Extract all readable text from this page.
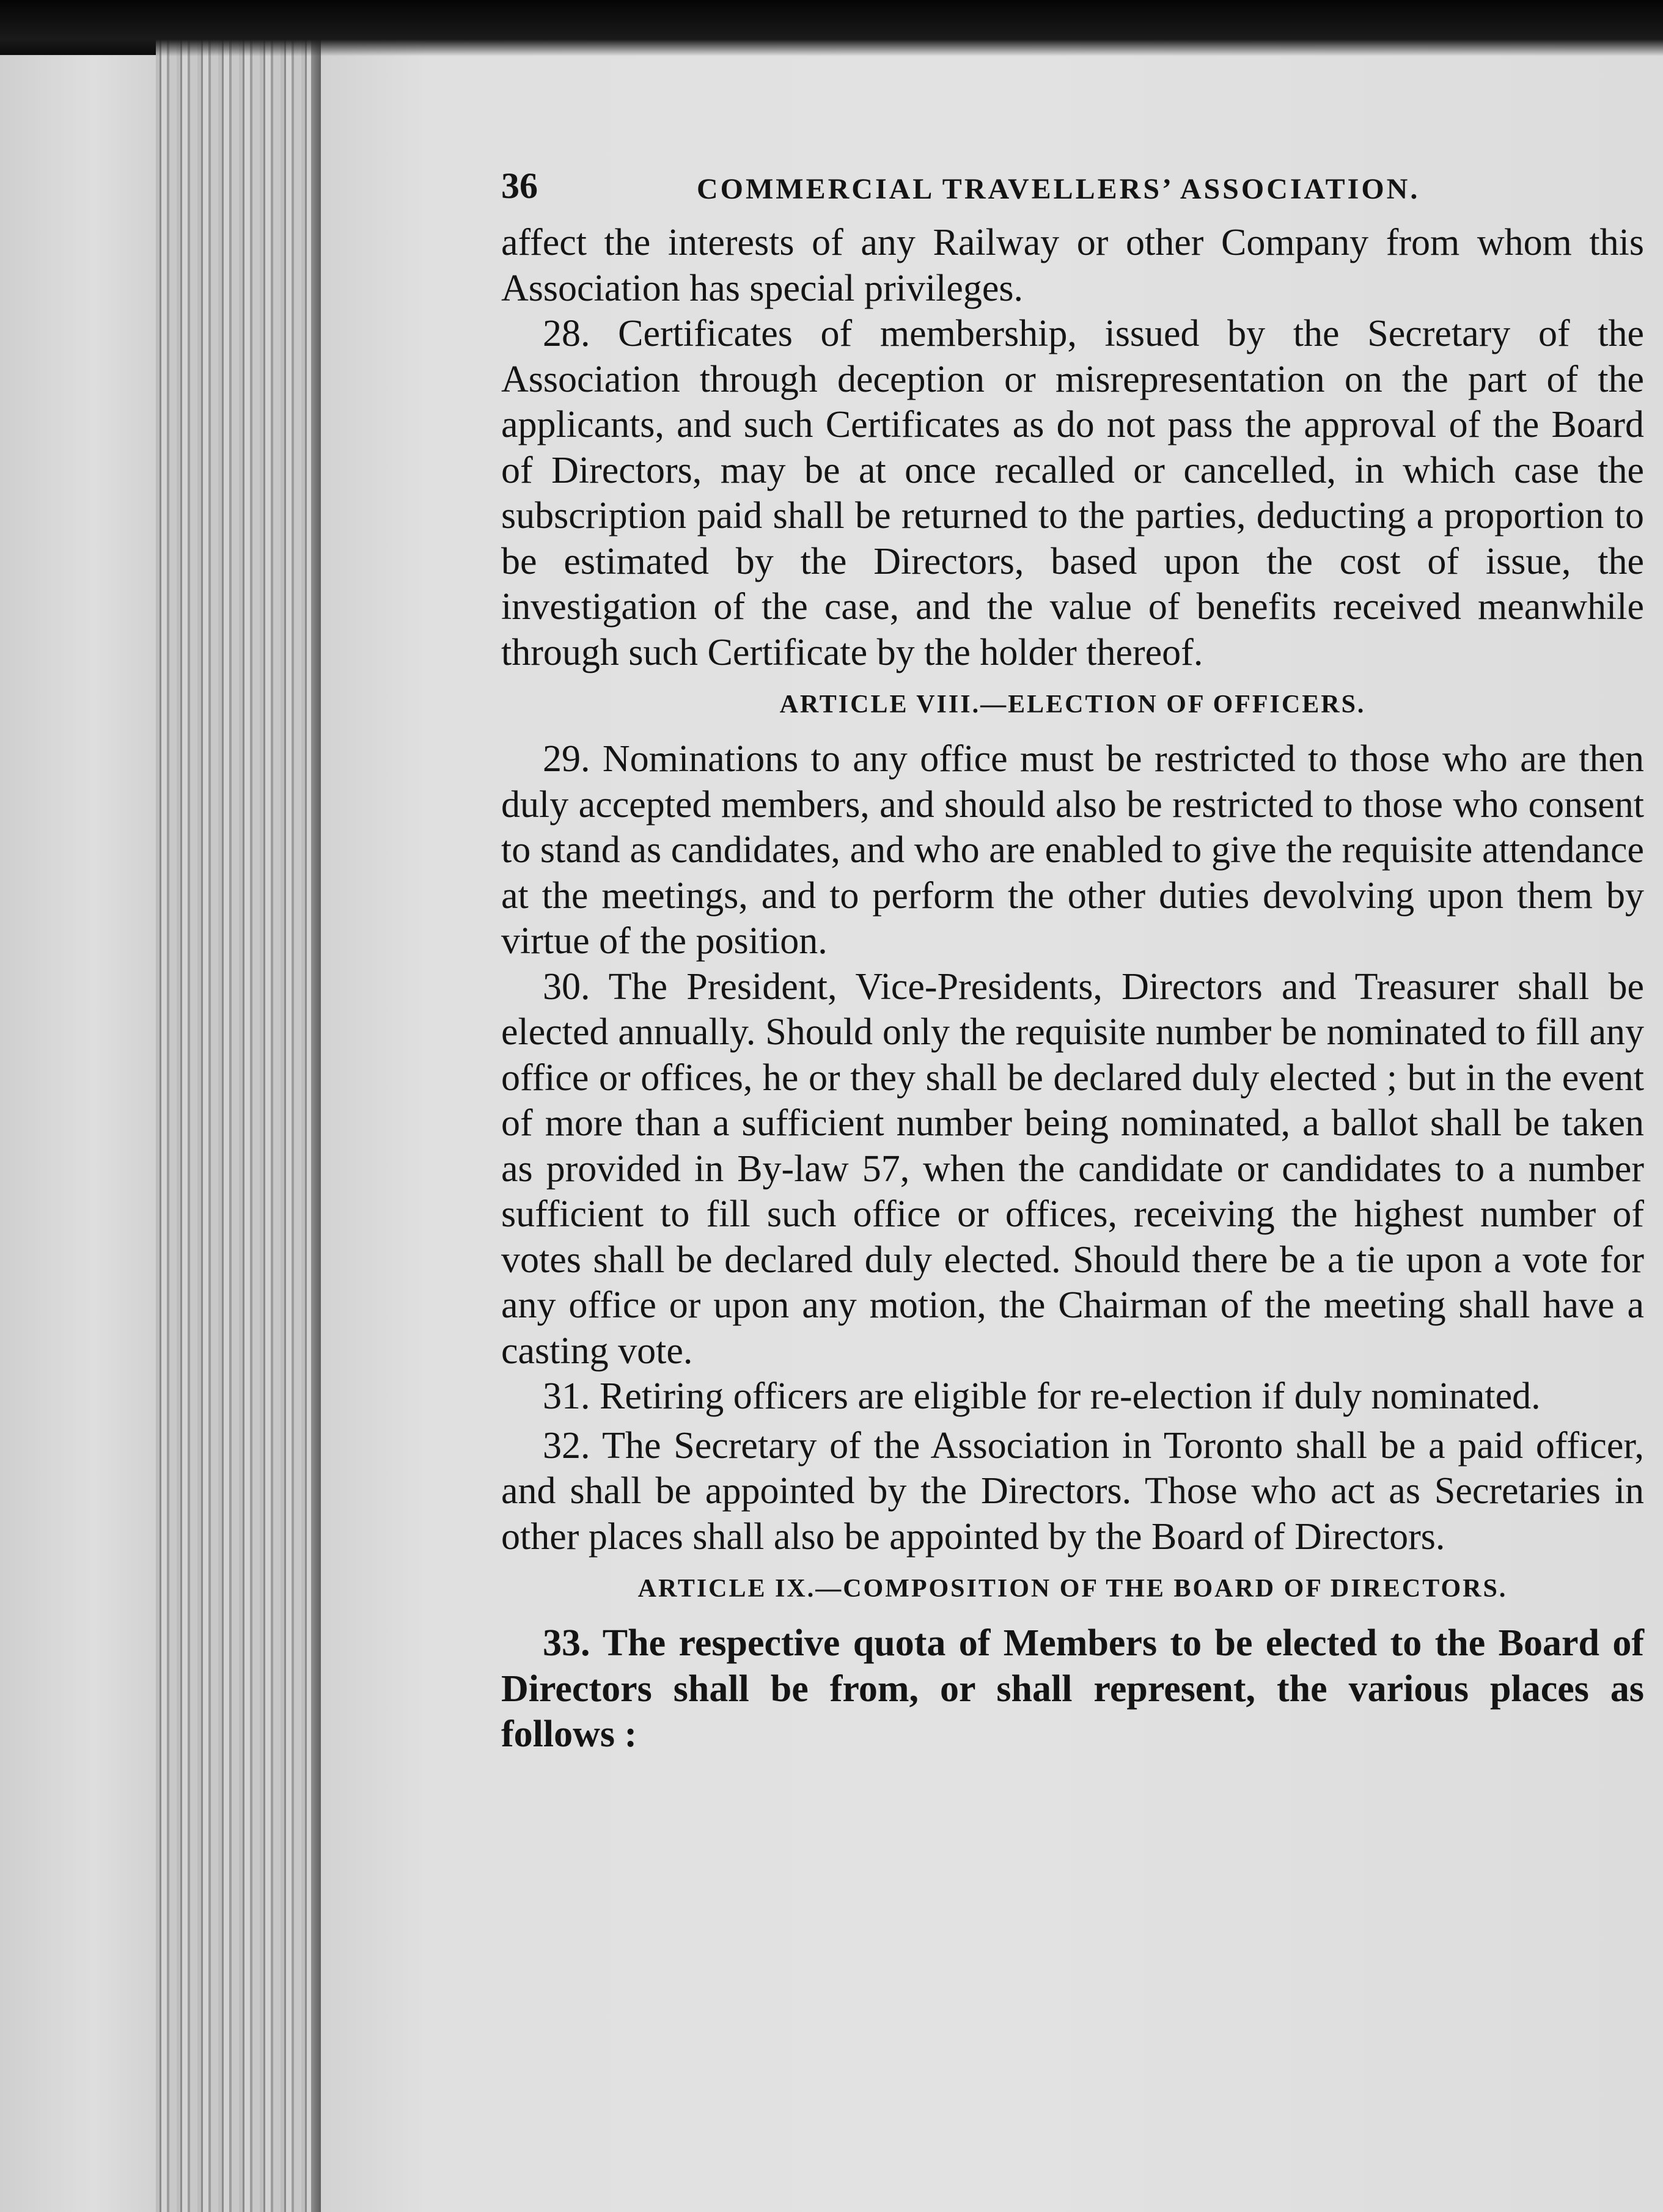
36	COMMERCIAL TRAVELLERS’ ASSOCIATION.

affect the interests of any Railway or other Company from whom this Association has special privileges.

28. Certificates of membership, issued by the Secretary of the Association through deception or misrepresentation on the part of the applicants, and such Certificates as do not pass the approval of the Board of Directors, may be at once recalled or cancelled, in which case the subscription paid shall be returned to the parties, deducting a proportion to be estimated by the Directors, based upon the cost of issue, the investigation of the case, and the value of benefits received meanwhile through such Certificate by the holder thereof.

ARTICLE VIII.—ELECTION OF OFFICERS.

29. Nominations to any office must be restricted to those who are then duly accepted members, and should also be restricted to those who consent to stand as candidates, and who are enabled to give the requisite attendance at the meetings, and to perform the other duties devolving upon them by virtue of the position.

30. The President, Vice-Presidents, Directors and Treasurer shall be elected annually. Should only the requisite number be nominated to fill any office or offices, he or they shall be declared duly elected ; but in the event of more than a sufficient number being nominated, a ballot shall be taken as provided in By-law 57, when the candidate or candidates to a number sufficient to fill such office or offices, receiving the highest number of votes shall be declared duly elected. Should there be a tie upon a vote for any office or upon any motion, the Chairman of the meeting shall have a casting vote.

31. Retiring officers are eligible for re-election if duly nominated.

32. The Secretary of the Association in Toronto shall be a paid officer, and shall be appointed by the Directors. Those who act as Secretaries in other places shall also be appointed by the Board of Directors.

ARTICLE IX.—COMPOSITION OF THE BOARD OF DIRECTORS.

33. The respective quota of Members to be elected to the Board of Directors shall be from, or shall represent, the various places as follows :
